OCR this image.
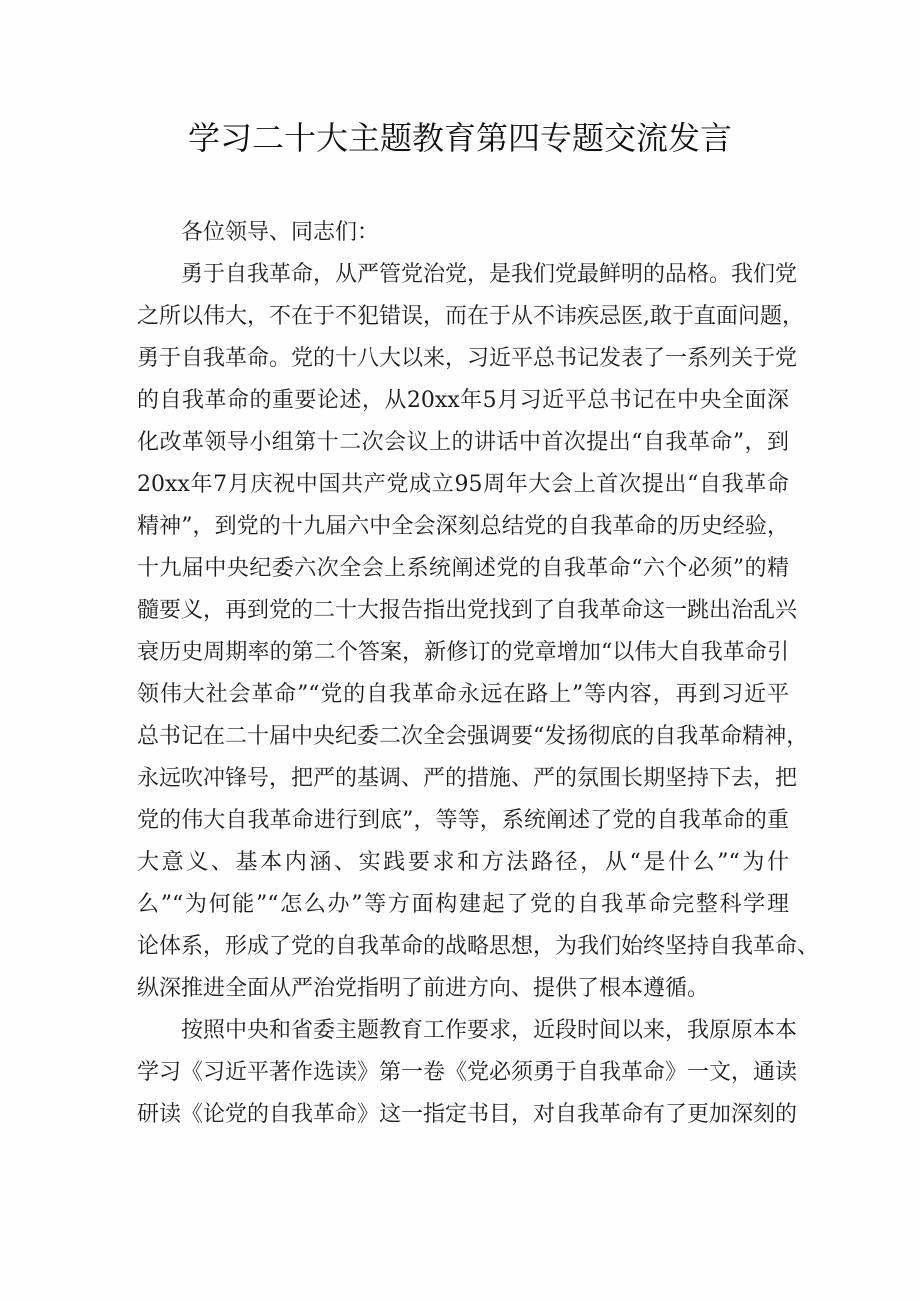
学习二十大主题教育第四专题交流发言
各位领导、同志们：
勇于自我革命，从严管党治党，是我们党最鲜明的品格。我们党
之所以伟大，不在于不犯错误，而在于从不讳疾忌医,敢于直面问题，
勇于自我革命。党的十八大以来，习近平总书记发表了一系列关于党
的自我革命的重要论述，从20xx年5月习近平总书记在中央全面深
化改革领导小组第十二次会议上的讲话中首次提出“自我革命”，到
20xx年7月庆祝中国共产党成立95周年大会上首次提出“自我革命
精神”，到党的十九届六中全会深刻总结党的自我革命的历史经验，
十九届中央纪委六次全会上系统阐述党的自我革命“六个必须”的精
髓要义，再到党的二十大报告指出党找到了自我革命这一跳出治乱兴
衰历史周期率的第二个答案，新修订的党章增加“以伟大自我革命引
领伟大社会革命”“党的自我革命永远在路上”等内容，再到习近平
总书记在二十届中央纪委二次全会强调要“发扬彻底的自我革命精神，
永远吹冲锋号，把严的基调、严的措施、严的氛围长期坚持下去，把
党的伟大自我革命进行到底”，等等，系统阐述了党的自我革命的重
大意义、基本内涵、实践要求和方法路径，从“是什么”“为什
么”“为何能”“怎么办”等方面构建起了党的自我革命完整科学理
论体系，形成了党的自我革命的战略思想，为我们始终坚持自我革命、
纵深推进全面从严治党指明了前进方向、提供了根本遵循。
按照中央和省委主题教育工作要求，近段时间以来，我原原本本
学习《习近平著作选读》第一卷《党必须勇于自我革命》一文，通读
研读《论党的自我革命》这一指定书目，对自我革命有了更加深刻的
